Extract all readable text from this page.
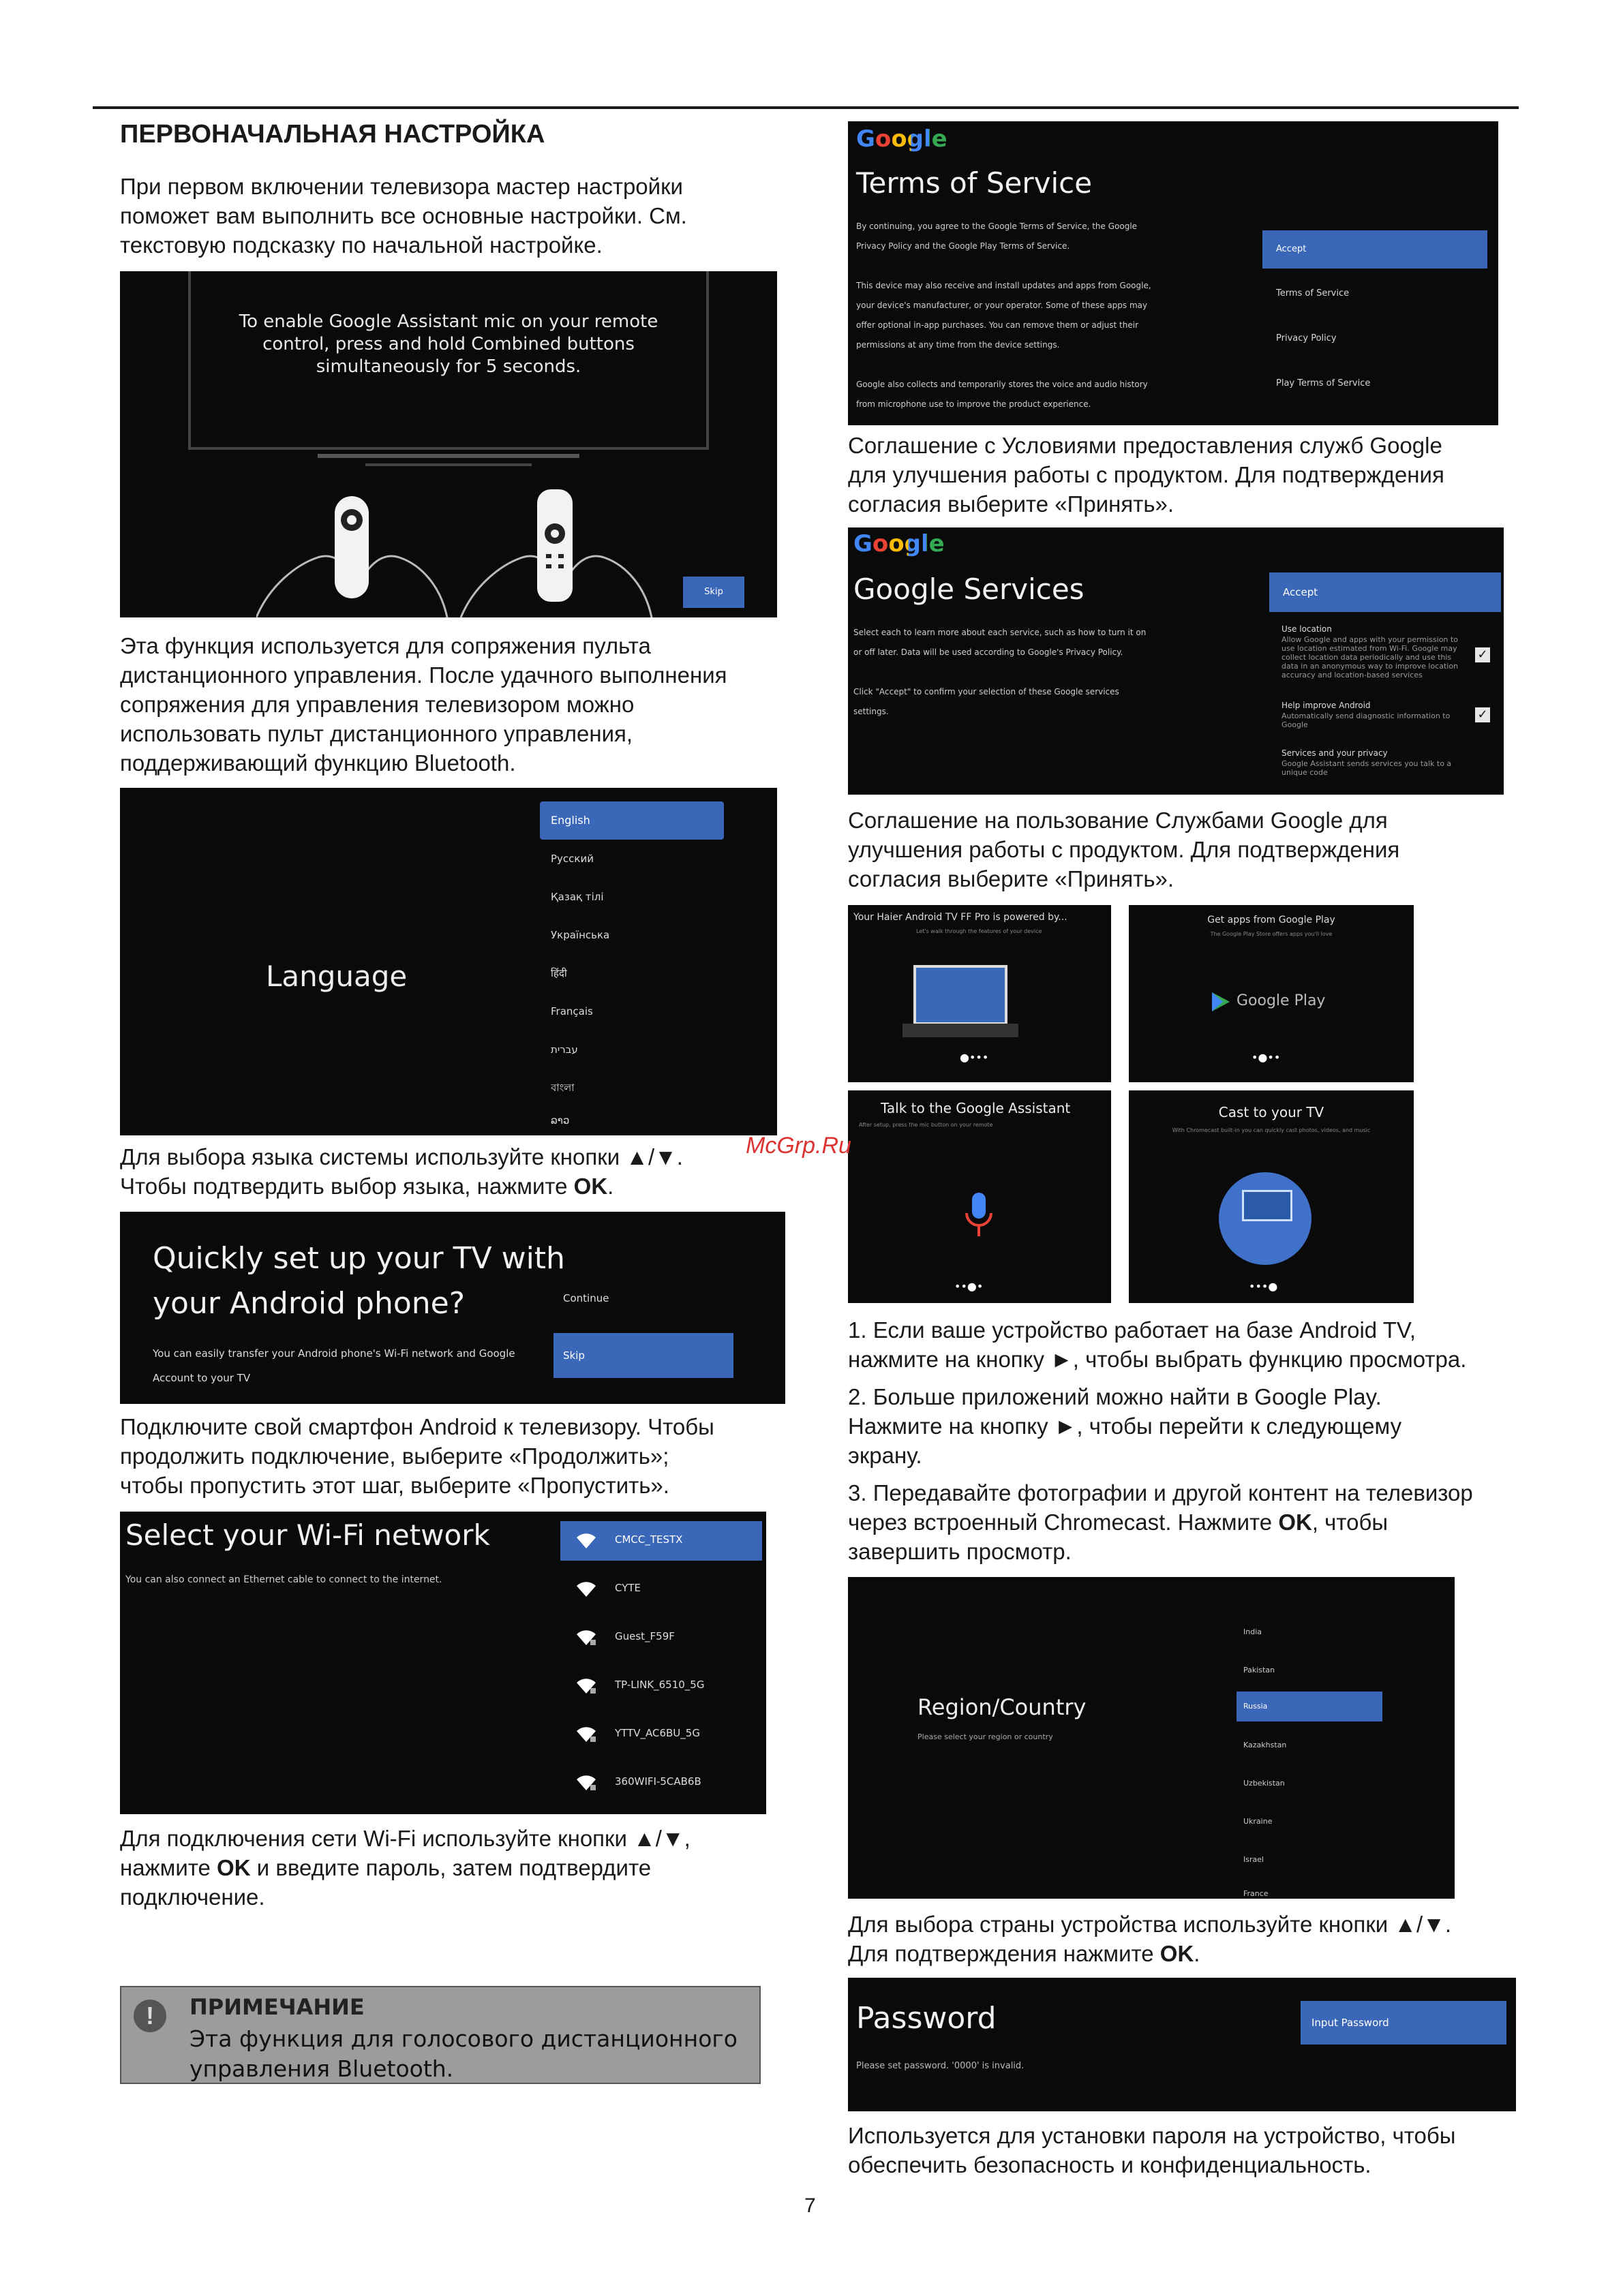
ПЕРВОНАЧАЛЬНАЯ НАСТРОЙКА
При первом включении телевизора мастер настройки
поможет вам выполнить все основные настройки. См.
текстовую подсказку по начальной настройке.
To enable Google Assistant mic on your remote
control, press and hold Combined buttons
simultaneously for 5 seconds.
Skip
Эта функция используется для сопряжения пульта
дистанционного управления. После удачного выполнения
сопряжения для управления телевизором можно
использовать пульт дистанционного управления,
поддерживающий функцию Bluetooth.
Language
English
Русский
Қазақ тілі
Українська
हिंदी
Français
עברית
বাংলা
ລາວ
Для выбора языка системы используйте кнопки ▲/▼.
Чтобы подтвердить выбор языка, нажмите OK.
Quickly set up your TV with
your Android phone?
You can easily transfer your Android phone's Wi-Fi network and Google
Account to your TV
Continue
Skip
Подключите свой смартфон Android к телевизору. Чтобы
продолжить подключение, выберите «Продолжить»;
чтобы пропустить этот шаг, выберите «Пропустить».
Select your Wi-Fi network
You can also connect an Ethernet cable to connect to the internet.
CMCC_TESTX
CYTE
Guest_F59F
TP-LINK_6510_5G
YTTV_AC6BU_5G
360WIFI-5CAB6B
Для подключения сети Wi-Fi используйте кнопки ▲/▼,
нажмите OK и введите пароль, затем подтвердите
подключение.
!	ПРИМЕЧАНИЕ
Эта функция для голосового дистанционного
управления Bluetooth.
Google
Terms of Service
By continuing, you agree to the Google Terms of Service, the Google
Privacy Policy and the Google Play Terms of Service.
This device may also receive and install updates and apps from Google,
your device's manufacturer, or your operator. Some of these apps may
offer optional in-app purchases. You can remove them or adjust their
permissions at any time from the device settings.
Google also collects and temporarily stores the voice and audio history
from microphone use to improve the product experience.
Accept
Terms of Service
Privacy Policy
Play Terms of Service
Соглашение с Условиями предоставления служб Google
для улучшения работы с продуктом. Для подтверждения
согласия выберите «Принять».
Google
Google Services
Select each to learn more about each service, such as how to turn it on
or off later. Data will be used according to Google's Privacy Policy.
Click "Accept" to confirm your selection of these Google services
settings.
Accept
Use location
Allow Google and apps with your permission to
use location estimated from Wi-Fi. Google may
collect location data periodically and use this
data in an anonymous way to improve location
accuracy and location-based services
✓
Help improve Android
Automatically send diagnostic information to
Google
✓
Services and your privacy
Google Assistant sends services you talk to a
unique code
Соглашение на пользование Службами Google для
улучшения работы с продуктом. Для подтверждения
согласия выберите «Принять».
Your Haier Android TV FF Pro is powered by...
Let's walk through the features of your device
●•••
Get apps from Google Play
The Google Play Store offers apps you'll love
Google Play
•●••
Talk to the Google Assistant
After setup, press the mic button on your remote
••●•
Cast to your TV
With Chromecast built-in you can quickly cast photos, videos, and music
•••●
1. Если ваше устройство работает на базе Android TV,
нажмите на кнопку ►, чтобы выбрать функцию просмотра.
2. Больше приложений можно найти в Google Play.
Нажмите на кнопку ►, чтобы перейти к следующему
экрану.
3. Передавайте фотографии и другой контент на телевизор
через встроенный Chromecast. Нажмите OK, чтобы
завершить просмотр.
Region/Country
Please select your region or country
India
Pakistan
Russia
Kazakhstan
Uzbekistan
Ukraine
Israel
France
Для выбора страны устройства используйте кнопки ▲/▼.
Для подтверждения нажмите OK.
Password
Please set password. '0000' is invalid.
Input Password
Используется для установки пароля на устройство, чтобы
обеспечить безопасность и конфиденциальность.
McGrp.Ru
7
